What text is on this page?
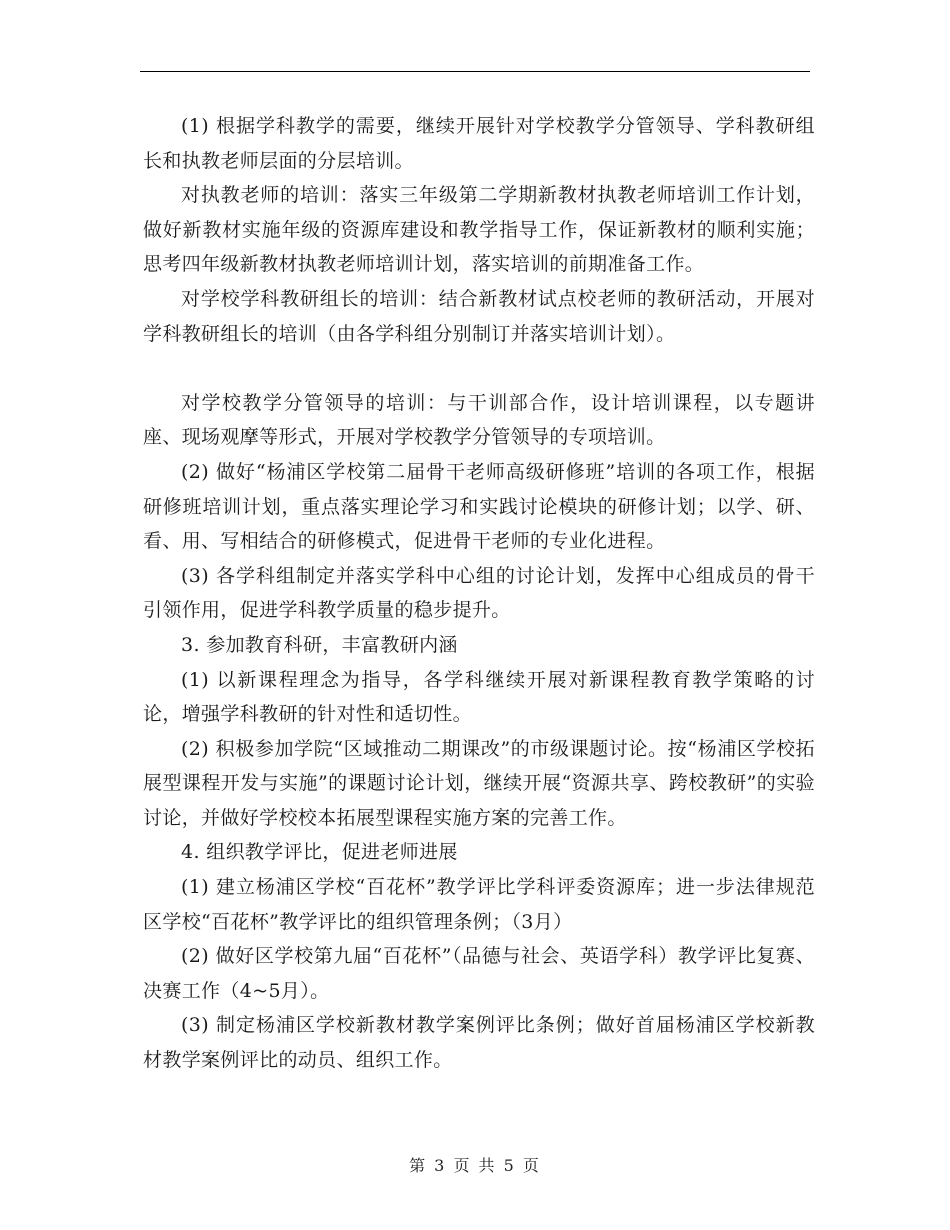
(1) 根据学科教学的需要，继续开展针对学校教学分管领导、学科教研组长和执教老师层面的分层培训。

对执教老师的培训：落实三年级第二学期新教材执教老师培训工作计划，做好新教材实施年级的资源库建设和教学指导工作，保证新教材的顺利实施；思考四年级新教材执教老师培训计划，落实培训的前期准备工作。

对学校学科教研组长的培训：结合新教材试点校老师的教研活动，开展对学科教研组长的培训（由各学科组分别制订并落实培训计划）。

对学校教学分管领导的培训：与干训部合作，设计培训课程，以专题讲座、现场观摩等形式，开展对学校教学分管领导的专项培训。

(2) 做好“杨浦区学校第二届骨干老师高级研修班”培训的各项工作，根据研修班培训计划，重点落实理论学习和实践讨论模块的研修计划；以学、研、看、用、写相结合的研修模式，促进骨干老师的专业化进程。

(3) 各学科组制定并落实学科中心组的讨论计划，发挥中心组成员的骨干引领作用，促进学科教学质量的稳步提升。

3. 参加教育科研，丰富教研内涵

(1) 以新课程理念为指导，各学科继续开展对新课程教育教学策略的讨论，增强学科教研的针对性和适切性。

(2) 积极参加学院“区域推动二期课改”的市级课题讨论。按“杨浦区学校拓展型课程开发与实施”的课题讨论计划，继续开展“资源共享、跨校教研”的实验讨论，并做好学校校本拓展型课程实施方案的完善工作。

4. 组织教学评比，促进老师进展

(1) 建立杨浦区学校“百花杯”教学评比学科评委资源库；进一步法律规范区学校“百花杯”教学评比的组织管理条例；（3月）

(2) 做好区学校第九届“百花杯”（品德与社会、英语学科）教学评比复赛、决赛工作（4~5月）。

(3) 制定杨浦区学校新教材教学案例评比条例；做好首届杨浦区学校新教材教学案例评比的动员、组织工作。

第 3 页 共 5 页
